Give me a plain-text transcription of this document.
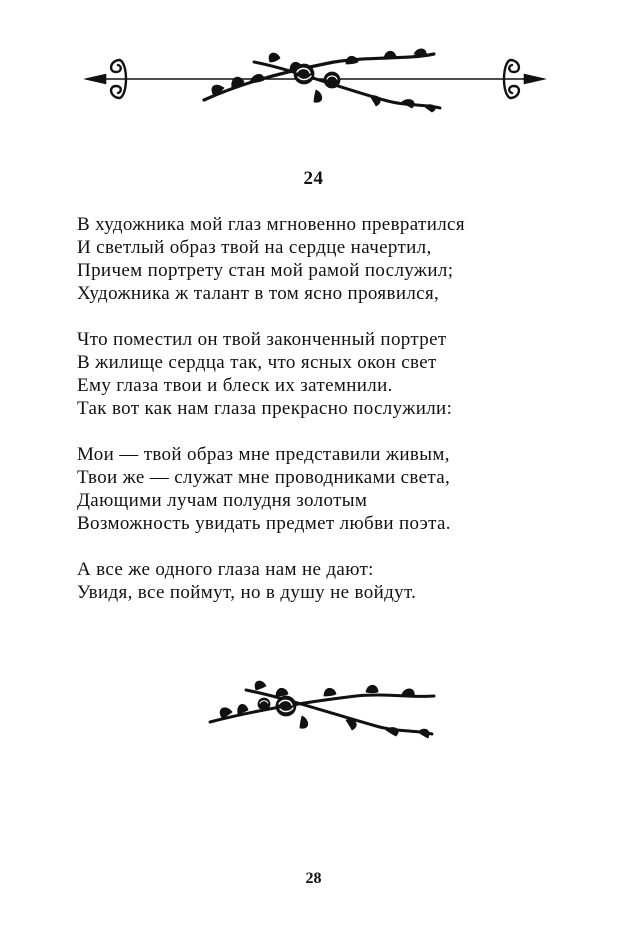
24
В художника мой глаз мгновенно превратился
И светлый образ твой на сердце начертил,
Причем портрету стан мой рамой послужил;
Художника ж талант в том ясно проявился,
Что поместил он твой законченный портрет
В жилище сердца так, что ясных окон свет
Ему глаза твои и блеск их затемнили.
Так вот как нам глаза прекрасно послужили:
Мои — твой образ мне представили живым,
Твои же — служат мне проводниками света,
Дающими лучам полудня золотым
Возможность увидать предмет любви поэта.
А все же одного глаза нам не дают:
Увидя, все поймут, но в душу не войдут.
28
